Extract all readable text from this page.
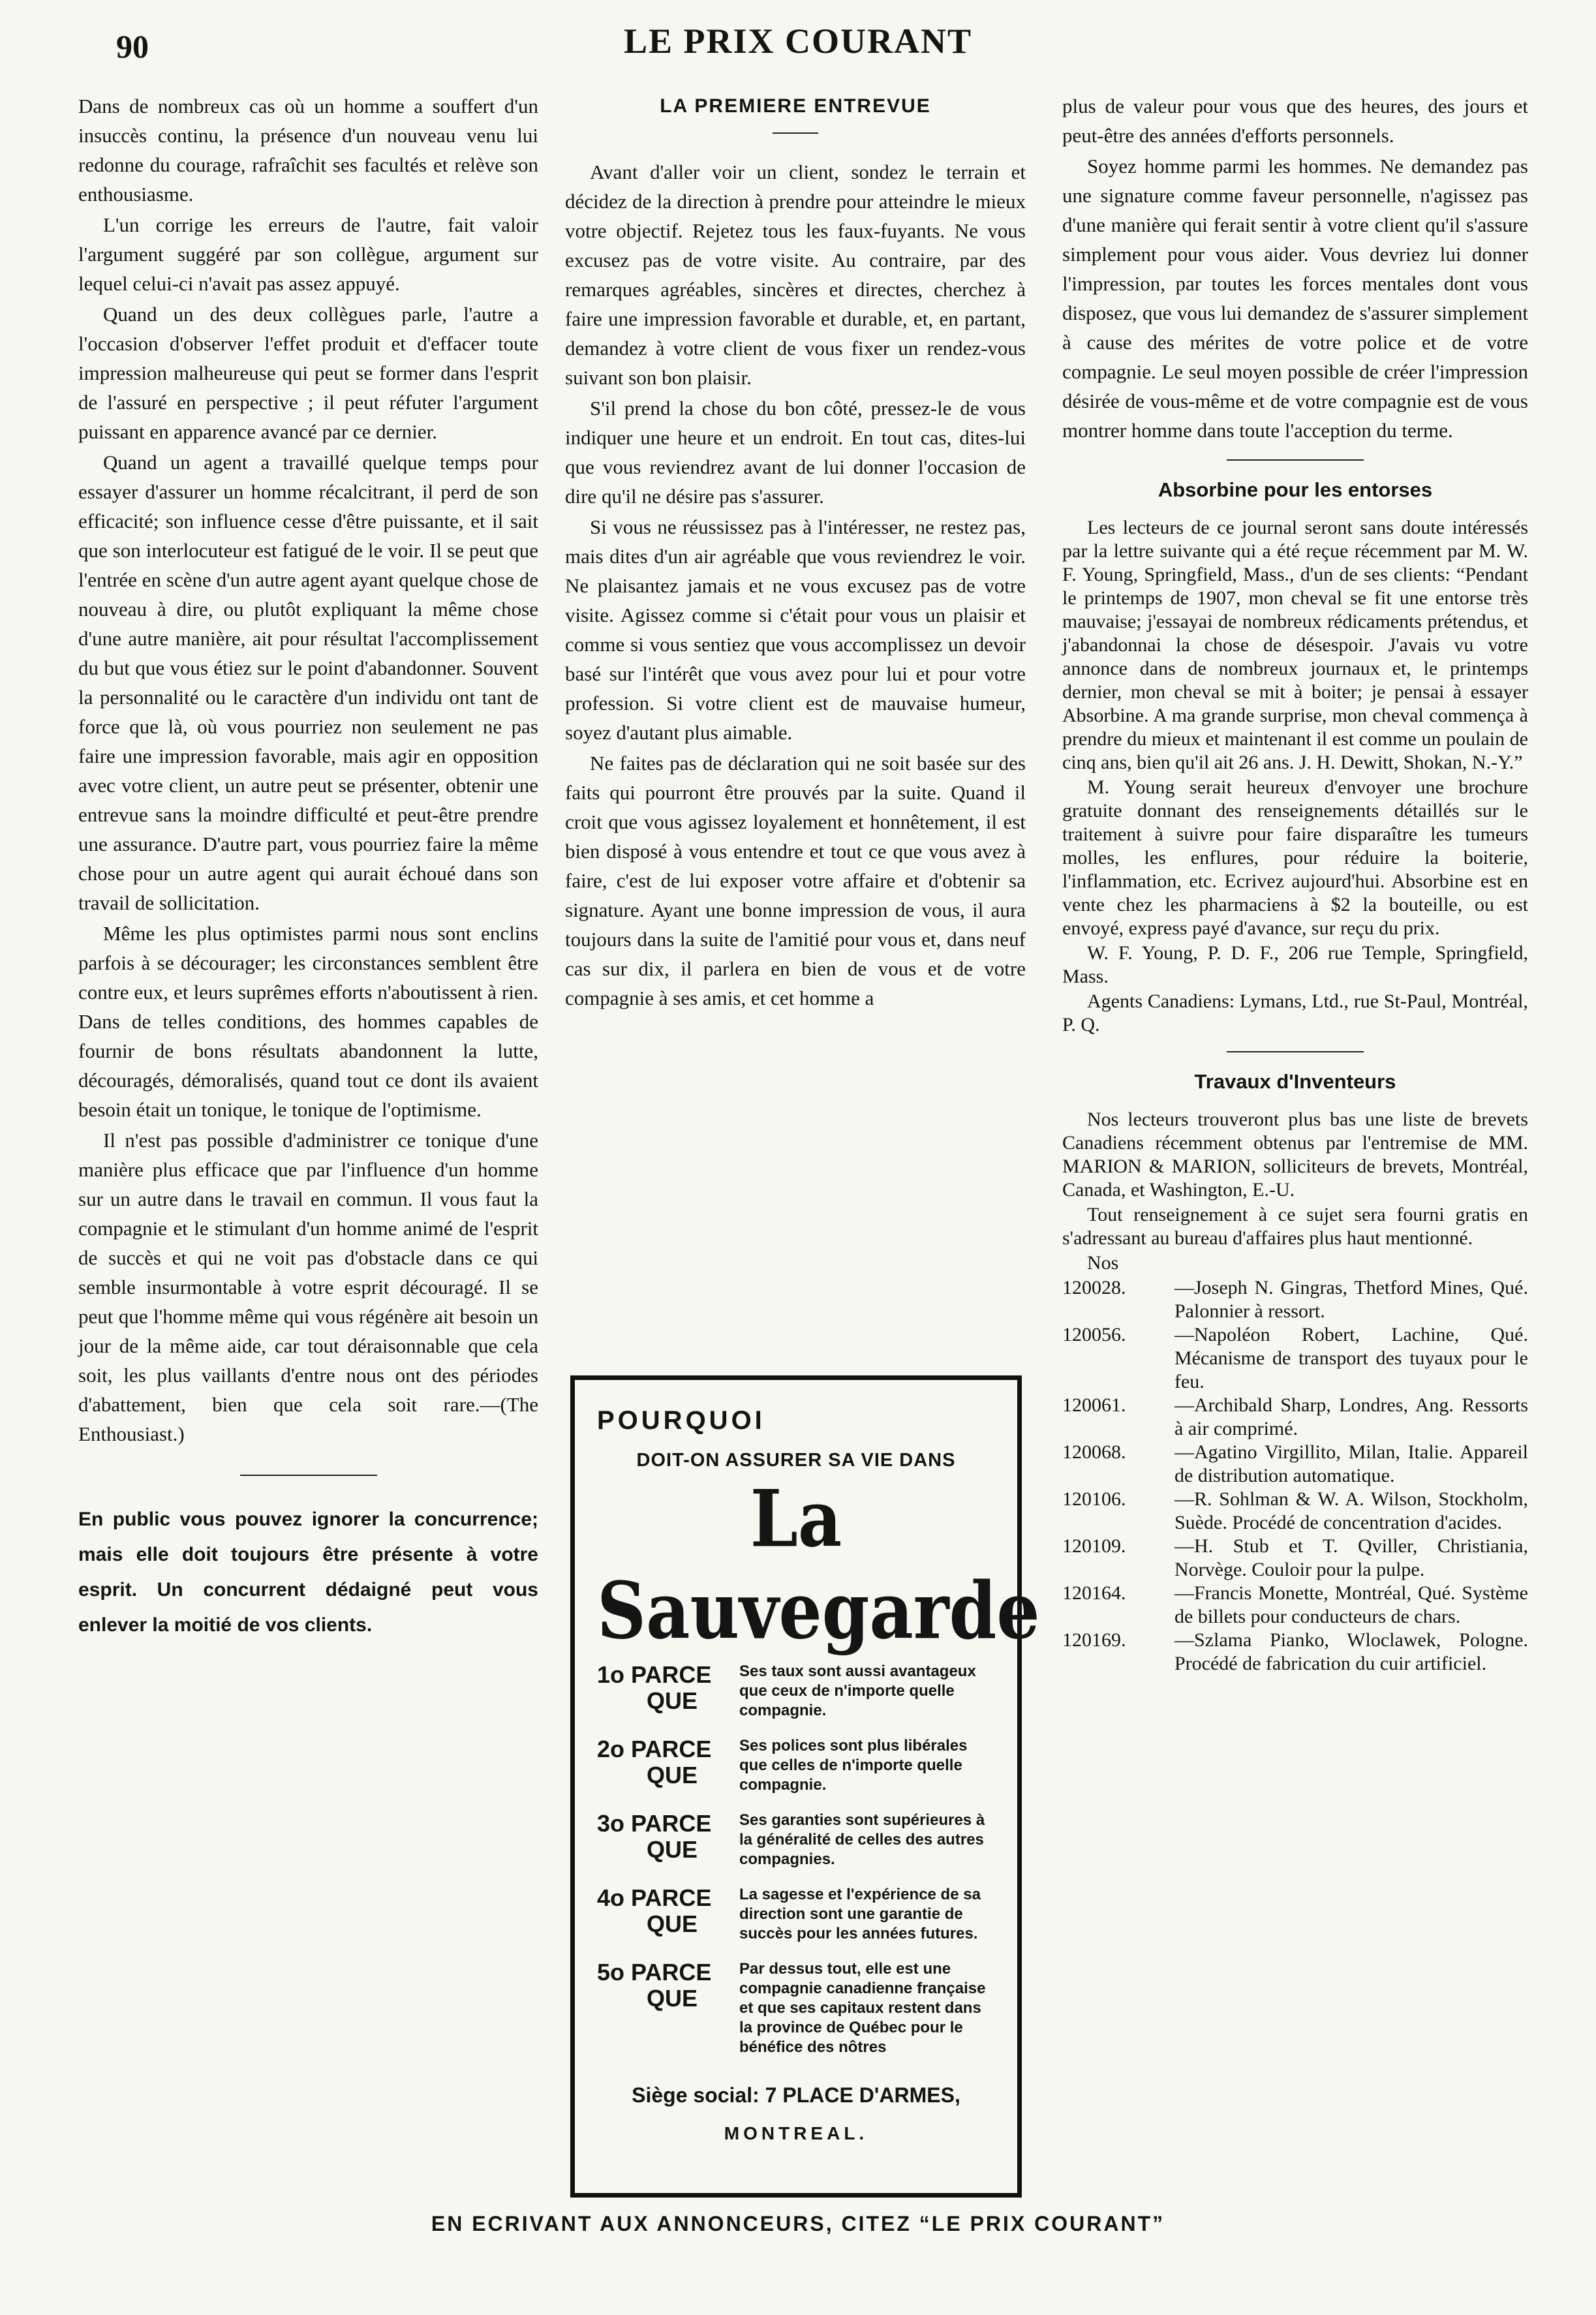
90	LE PRIX COURANT

Dans de nombreux cas où un homme a souffert d'un insuccès continu, la présence d'un nouveau venu lui redonne du courage, rafraîchit ses facultés et relève son enthousiasme.

L'un corrige les erreurs de l'autre, fait valoir l'argument suggéré par son collègue, argument sur lequel celui-ci n'avait pas assez appuyé.

Quand un des deux collègues parle, l'autre a l'occasion d'observer l'effet produit et d'effacer toute impression malheureuse qui peut se former dans l'esprit de l'assuré en perspective ; il peut réfuter l'argument puissant en apparence avancé par ce dernier.

Quand un agent a travaillé quelque temps pour essayer d'assurer un homme récalcitrant, il perd de son efficacité; son influence cesse d'être puissante, et il sait que son interlocuteur est fatigué de le voir. Il se peut que l'entrée en scène d'un autre agent ayant quelque chose de nouveau à dire, ou plutôt expliquant la même chose d'une autre manière, ait pour résultat l'accomplissement du but que vous étiez sur le point d'abandonner. Souvent la personnalité ou le caractère d'un individu ont tant de force que là, où vous pourriez non seulement ne pas faire une impression favorable, mais agir en opposition avec votre client, un autre peut se présenter, obtenir une entrevue sans la moindre difficulté et peut-être prendre une assurance. D'autre part, vous pourriez faire la même chose pour un autre agent qui aurait échoué dans son travail de sollicitation.

Même les plus optimistes parmi nous sont enclins parfois à se décourager; les circonstances semblent être contre eux, et leurs suprêmes efforts n'aboutissent à rien. Dans de telles conditions, des hommes capables de fournir de bons résultats abandonnent la lutte, découragés, démoralisés, quand tout ce dont ils avaient besoin était un tonique, le tonique de l'optimisme.

Il n'est pas possible d'administrer ce tonique d'une manière plus efficace que par l'influence d'un homme sur un autre dans le travail en commun. Il vous faut la compagnie et le stimulant d'un homme animé de l'esprit de succès et qui ne voit pas d'obstacle dans ce qui semble insurmontable à votre esprit découragé. Il se peut que l'homme même qui vous régénère ait besoin un jour de la même aide, car tout déraisonnable que cela soit, les plus vaillants d'entre nous ont des périodes d'abattement, bien que cela soit rare.—(The Enthousiast.)

En public vous pouvez ignorer la concurrence; mais elle doit toujours être présente à votre esprit. Un concurrent dédaigné peut vous enlever la moitié de vos clients.
LA PREMIERE ENTREVUE

Avant d'aller voir un client, sondez le terrain et décidez de la direction à prendre pour atteindre le mieux votre objectif. Rejetez tous les faux-fuyants. Ne vous excusez pas de votre visite. Au contraire, par des remarques agréables, sincères et directes, cherchez à faire une impression favorable et durable, et, en partant, demandez à votre client de vous fixer un rendez-vous suivant son bon plaisir.

S'il prend la chose du bon côté, pressez-le de vous indiquer une heure et un endroit. En tout cas, dites-lui que vous reviendrez avant de lui donner l'occasion de dire qu'il ne désire pas s'assurer.

Si vous ne réussissez pas à l'intéresser, ne restez pas, mais dites d'un air agréable que vous reviendrez le voir. Ne plaisantez jamais et ne vous excusez pas de votre visite. Agissez comme si c'était pour vous un plaisir et comme si vous sentiez que vous accomplissez un devoir basé sur l'intérêt que vous avez pour lui et pour votre profession. Si votre client est de mauvaise humeur, soyez d'autant plus aimable.

Ne faites pas de déclaration qui ne soit basée sur des faits qui pourront être prouvés par la suite. Quand il croit que vous agissez loyalement et honnêtement, il est bien disposé à vous entendre et tout ce que vous avez à faire, c'est de lui exposer votre affaire et d'obtenir sa signature. Ayant une bonne impression de vous, il aura toujours dans la suite de l'amitié pour vous et, dans neuf cas sur dix, il parlera en bien de vous et de votre compagnie à ses amis, et cet homme a

POURQUOI
DOIT-ON ASSURER SA VIE DANS
La Sauvegarde
1o PARCE
QUE
Ses taux sont aussi avantageux que ceux de n'importe quelle compagnie.
2o PARCE
QUE
Ses polices sont plus libérales que celles de n'importe quelle compagnie.
3o PARCE
QUE
Ses garanties sont supérieures à la généralité de celles des autres compagnies.
4o PARCE
QUE
La sagesse et l'expérience de sa direction sont une garantie de succès pour les années futures.
5o PARCE
QUE
Par dessus tout, elle est une compagnie canadienne française et que ses capitaux restent dans la province de Québec pour le bénéfice des nôtres
Siège social: 7 PLACE D'ARMES,
MONTREAL.

plus de valeur pour vous que des heures, des jours et peut-être des années d'efforts personnels.

Soyez homme parmi les hommes. Ne demandez pas une signature comme faveur personnelle, n'agissez pas d'une manière qui ferait sentir à votre client qu'il s'assure simplement pour vous aider. Vous devriez lui donner l'impression, par toutes les forces mentales dont vous disposez, que vous lui demandez de s'assurer simplement à cause des mérites de votre police et de votre compagnie. Le seul moyen possible de créer l'impression désirée de vous-même et de votre compagnie est de vous montrer homme dans toute l'acception du terme.

Absorbine pour les entorses

Les lecteurs de ce journal seront sans doute intéressés par la lettre suivante qui a été reçue récemment par M. W. F. Young, Springfield, Mass., d'un de ses clients: “Pendant le printemps de 1907, mon cheval se fit une entorse très mauvaise; j'essayai de nombreux rédicaments prétendus, et j'abandonnai la chose de désespoir. J'avais vu votre annonce dans de nombreux journaux et, le printemps dernier, mon cheval se mit à boiter; je pensai à essayer Absorbine. A ma grande surprise, mon cheval commença à prendre du mieux et maintenant il est comme un poulain de cinq ans, bien qu'il ait 26 ans. J. H. Dewitt, Shokan, N.-Y.”

M. Young serait heureux d'envoyer une brochure gratuite donnant des renseignements détaillés sur le traitement à suivre pour faire disparaître les tumeurs molles, les enflures, pour réduire la boiterie, l'inflammation, etc. Ecrivez aujourd'hui. Absorbine est en vente chez les pharmaciens à $2 la bouteille, ou est envoyé, express payé d'avance, sur reçu du prix.

W. F. Young, P. D. F., 206 rue Temple, Springfield, Mass.

Agents Canadiens: Lymans, Ltd., rue St-Paul, Montréal, P. Q.

Travaux d'Inventeurs

Nos lecteurs trouveront plus bas une liste de brevets Canadiens récemment obtenus par l'entremise de MM. MARION & MARION, solliciteurs de brevets, Montréal, Canada, et Washington, E.-U.

Tout renseignement à ce sujet sera fourni gratis en s'adressant au bureau d'affaires plus haut mentionné.

Nos

120028.	—Joseph N. Gingras, Thetford Mines, Qué. Palonnier à ressort.
120056.	—Napoléon Robert, Lachine, Qué. Mécanisme de transport des tuyaux pour le feu.
120061.	—Archibald Sharp, Londres, Ang. Ressorts à air comprimé.
120068.	—Agatino Virgillito, Milan, Italie. Appareil de distribution automatique.
120106.	—R. Sohlman & W. A. Wilson, Stockholm, Suède. Procédé de concentration d'acides.
120109.	—H. Stub et T. Qviller, Christiania, Norvège. Couloir pour la pulpe.
120164.	—Francis Monette, Montréal, Qué. Système de billets pour conducteurs de chars.
120169.	—Szlama Pianko, Wloclawek, Pologne. Procédé de fabrication du cuir artificiel.
EN ECRIVANT AUX ANNONCEURS, CITEZ “LE PRIX COURANT”
